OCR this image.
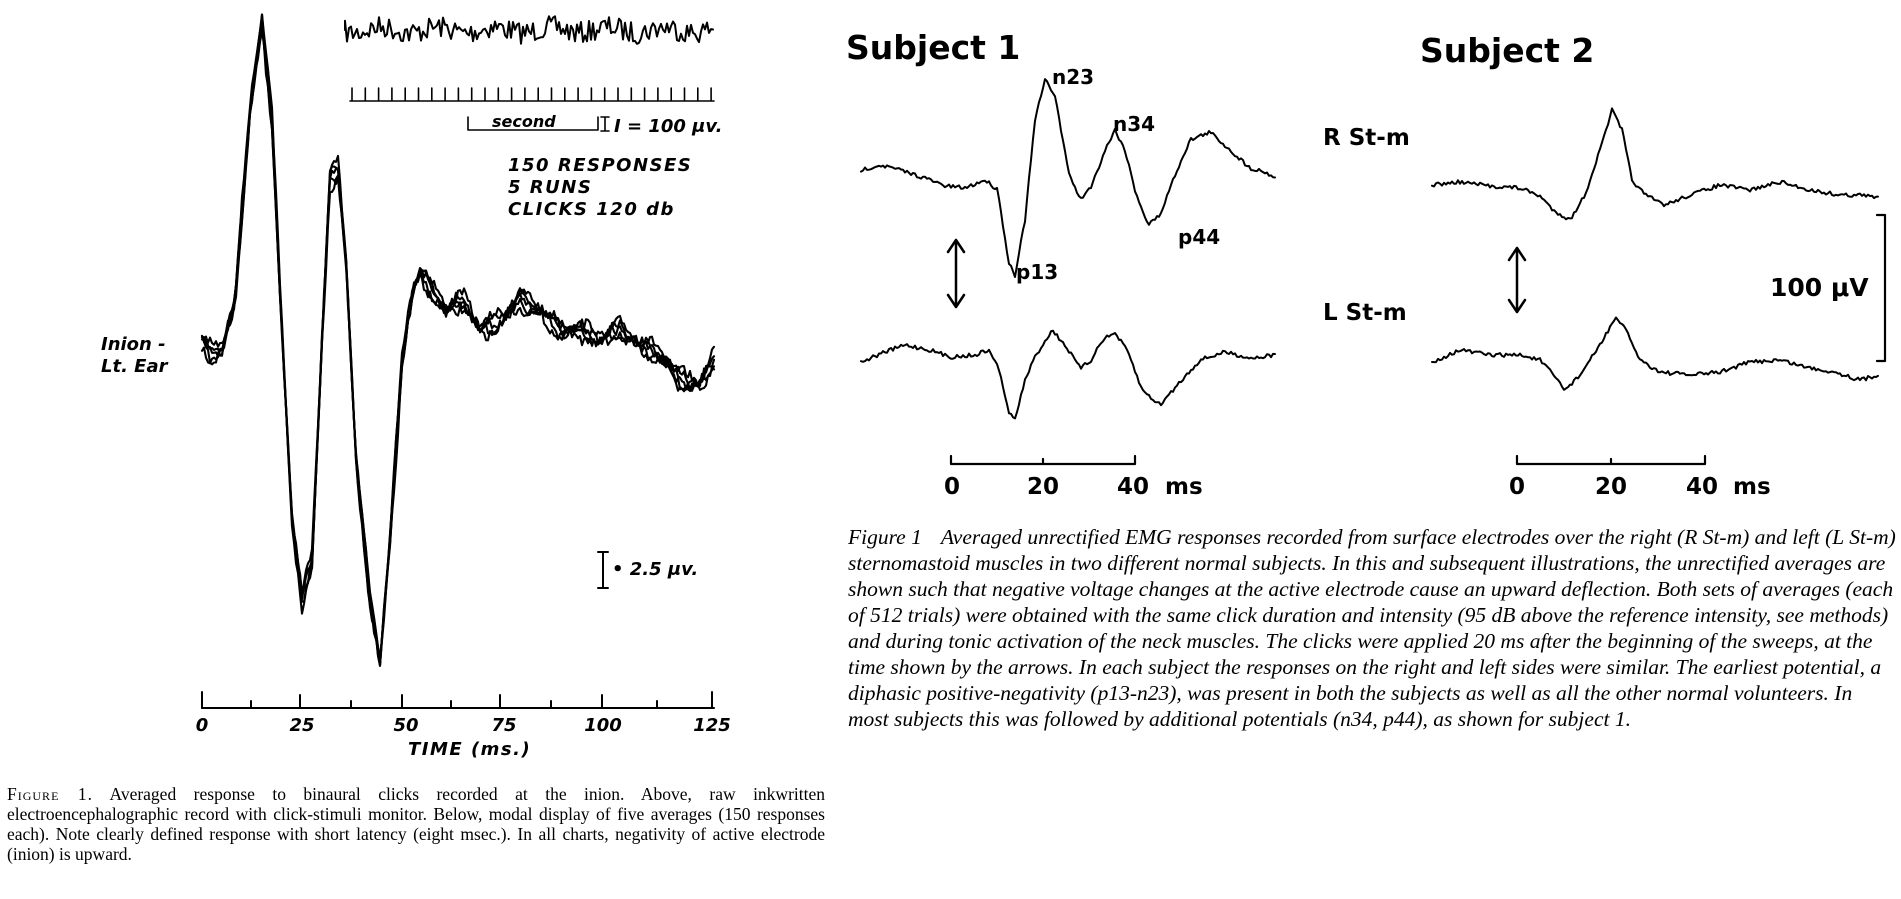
Inion -
Lt. Ear
second	I = 100 μv.
• 2.5 μv.
150 RESPONSES
5 RUNS
CLICKS 120 db
TIME (ms.)
0	25	50	75	100	125
Subject 1	Subject 2
R St-m
L St-m
n23
n34
p13
p44
100 μV
0	20	40 ms	0	20	40 ms
Figure 1. Averaged response to binaural clicks recorded at the inion. Above, raw inkwritten electroencephalographic record with click-stimuli monitor. Below, modal display of five averages (150 responses each). Note clearly defined response with short latency (eight msec.). In all charts, negativity of active electrode (inion) is upward.
Figure 1 Averaged unrectified EMG responses recorded from surface electrodes over the right (R St-m) and left (L St-m) sternomastoid muscles in two different normal subjects. In this and subsequent illustrations, the unrectified averages are shown such that negative voltage changes at the active electrode cause an upward deflection. Both sets of averages (each of 512 trials) were obtained with the same click duration and intensity (95 dB above the reference intensity, see methods) and during tonic activation of the neck muscles. The clicks were applied 20 ms after the beginning of the sweeps, at the time shown by the arrows. In each subject the responses on the right and left sides were similar. The earliest potential, a diphasic positive-negativity (p13-n23), was present in both the subjects as well as all the other normal volunteers. In most subjects this was followed by additional potentials (n34, p44), as shown for subject 1.
